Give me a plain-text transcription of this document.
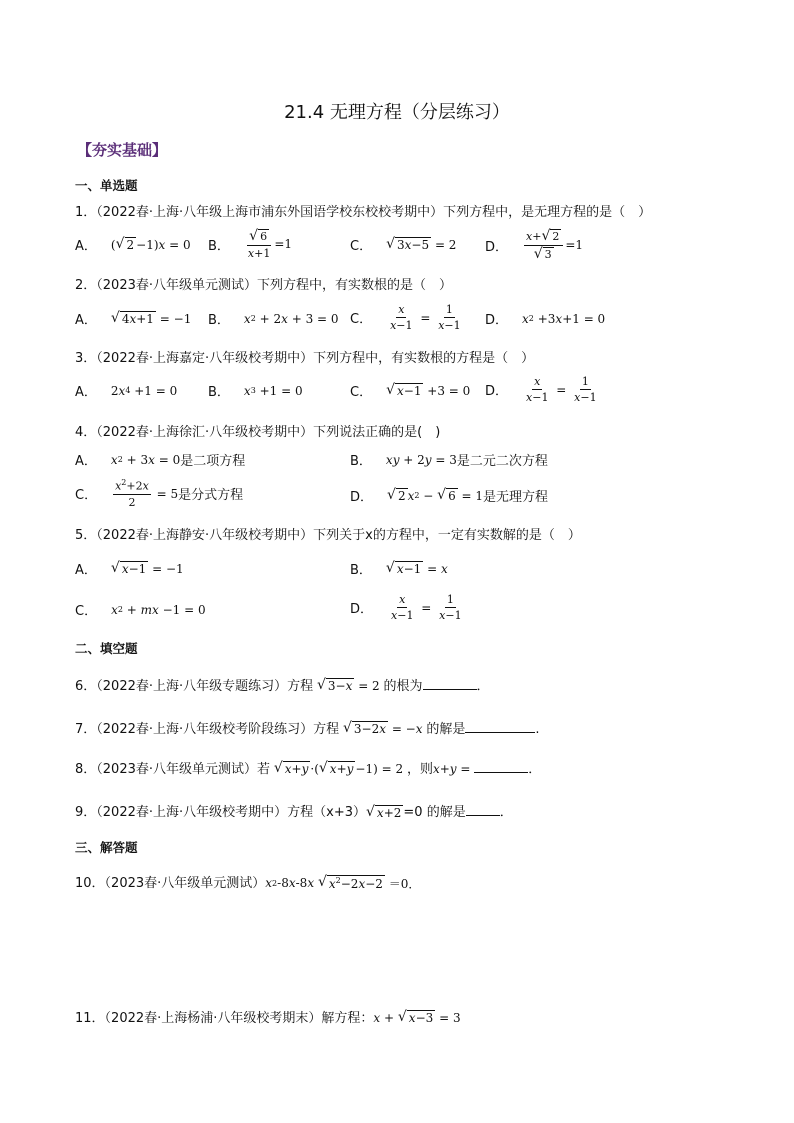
21.4 无理方程（分层练习）
【夯实基础】
一、单选题
1．（2022春·上海·八年级上海市浦东外国语学校东校校考期中）下列方程中，是无理方程的是（　）
A． ( √ 2 −1) x = 0 B． $\frac{√ 6}{x+1} =1$	C． √ 3x−5 = 2 D． $\frac{x+ √ 2}{√ 3} =1$
2．（2023春·八年级单元测试）下列方程中，有实数根的是（　）
A． √ 4x+1 = −1 B． x 2 + 2 x + 3 = 0 C． $\frac{x}{x-1} = \frac{1}{x-1}$ D． x 2 +3 x +1 = 0
3．（2022春·上海嘉定·八年级校考期中）下列方程中，有实数根的方程是（　）
A． 2 x 4 +1 = 0 B． x 3 +1 = 0	C． √ x−1 +3 = 0 D． $\frac{x}{x-1} = \frac{1}{x-1}$
4．（2022春·上海徐汇·八年级校考期中）下列说法正确的是(　)
A． x 2 + 3 x = 0 是二项方程	B． xy + 2 y = 3 是二元二次方程
C． $\frac{x^2+2x}{2} = 5$ 是分式方程	D． √ 2 x 2 − √ 6 = 1 是无理方程
5．（2022春·上海静安·八年级校考期中）下列关于x的方程中，一定有实数解的是（　）
A． √ x−1 = −1	B． √ x−1 = x
C． x 2 + mx −1 = 0	D． $\frac{x}{x-1} = \frac{1}{x-1}$
二、填空题
6．（2022春·上海·八年级专题练习）方程 √ 3−x = 2 的根为	．
7．（2022春·上海·八年级校考阶段练习）方程 √ 3−2x = − x 的解是	.
8．（2023春·八年级单元测试）若 √ x+y ·( √ x+y −1) = 2 ，则 x + y =	．
9．（2022春·上海·八年级校考期中）方程（x+3） √ x+2 =0 的解是	．
三、解答题
10．（2023春·八年级单元测试） x 2 -8 x -8 x
√ $x^2-2x-2 =0$．
11．（2022春·上海杨浦·八年级校考期末）解方程： x + √ x−3 = 3
